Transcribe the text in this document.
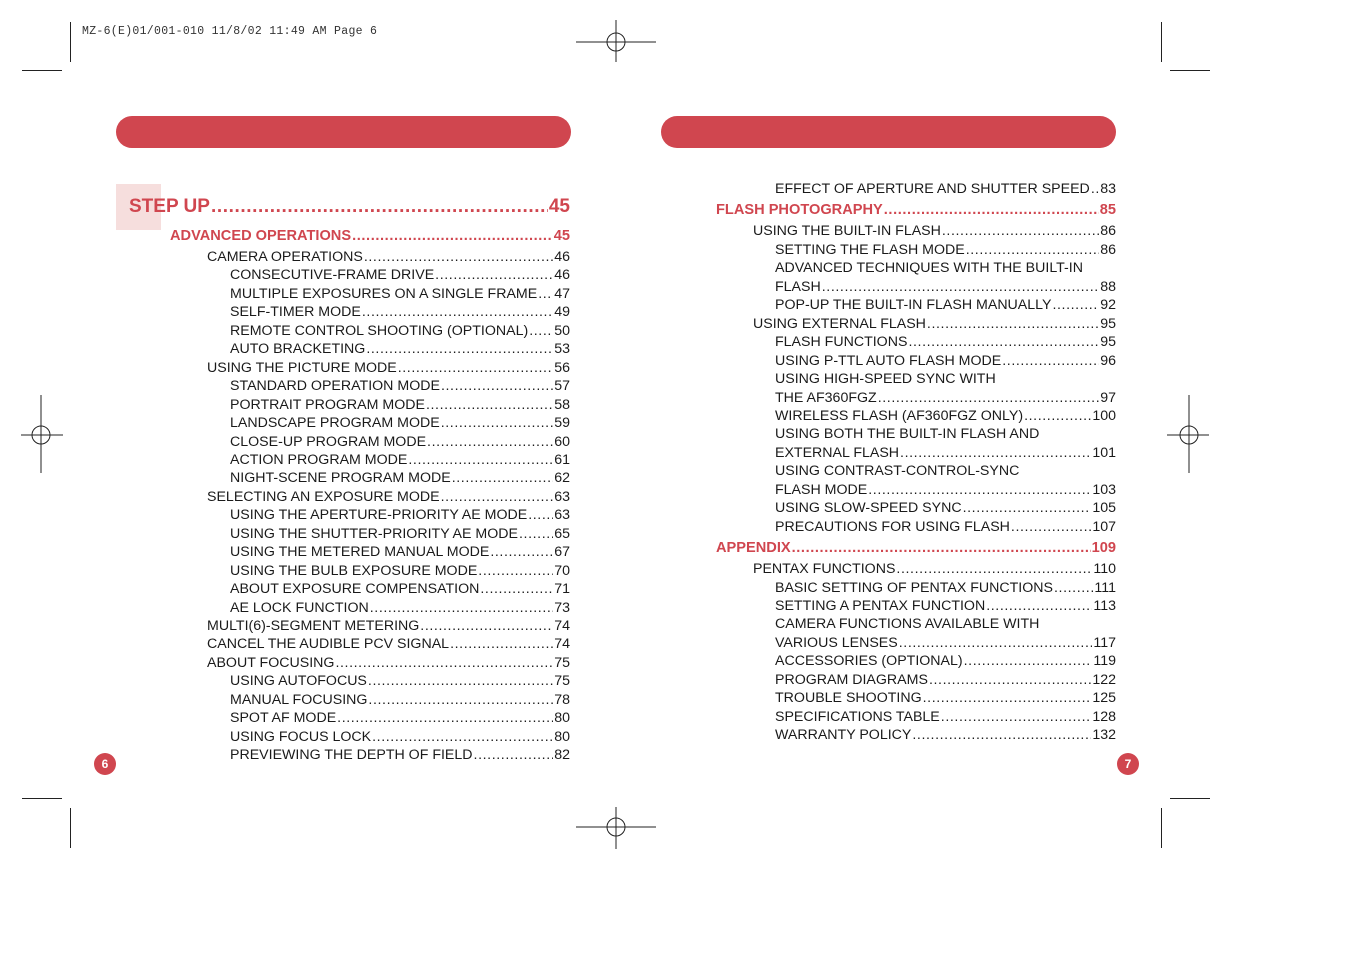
MZ-6(E)01/001-010 11/8/02 11:49 AM Page 6
STEP UP .....	45
ADVANCED OPERATIONS .....	45
CAMERA OPERATIONS .....	46
CONSECUTIVE-FRAME DRIVE .....	46
MULTIPLE EXPOSURES ON A SINGLE FRAME ..... 47
SELF-TIMER MODE .....	49
REMOTE CONTROL SHOOTING (OPTIONAL) ..... 50
AUTO BRACKETING .....	53
USING THE PICTURE MODE .....	56
STANDARD OPERATION MODE .....	57
PORTRAIT PROGRAM MODE .....	58
LANDSCAPE PROGRAM MODE .....	59
CLOSE-UP PROGRAM MODE .....	60
ACTION PROGRAM MODE .....	61
NIGHT-SCENE PROGRAM MODE .....	62
SELECTING AN EXPOSURE MODE .....	63
USING THE APERTURE-PRIORITY AE MODE ..... 63
USING THE SHUTTER-PRIORITY AE MODE .....	65
USING THE METERED MANUAL MODE .....	67
USING THE BULB EXPOSURE MODE .....	70
ABOUT EXPOSURE COMPENSATION .....	71
AE LOCK FUNCTION .....	73
MULTI(6)-SEGMENT METERING .....	74
CANCEL THE AUDIBLE PCV SIGNAL .....	74
ABOUT FOCUSING .....	75
USING AUTOFOCUS .....	75
MANUAL FOCUSING .....	78
SPOT AF MODE .....	80
USING FOCUS LOCK .....	80
PREVIEWING THE DEPTH OF FIELD .....	82
EFFECT OF APERTURE AND SHUTTER SPEED ..... 83
FLASH PHOTOGRAPHY .....	85
USING THE BUILT-IN FLASH .....	86
SETTING THE FLASH MODE .....	86
ADVANCED TECHNIQUES WITH THE BUILT-IN
FLASH .....	88
POP-UP THE BUILT-IN FLASH MANUALLY .....	92
USING EXTERNAL FLASH .....	95
FLASH FUNCTIONS .....	95
USING P-TTL AUTO FLASH MODE .....	96
USING HIGH-SPEED SYNC WITH
THE AF360FGZ .....	97
WIRELESS FLASH (AF360FGZ ONLY) .....	100
USING BOTH THE BUILT-IN FLASH AND
EXTERNAL FLASH .....	101
USING CONTRAST-CONTROL-SYNC
FLASH MODE .....	103
USING SLOW-SPEED SYNC .....	105
PRECAUTIONS FOR USING FLASH .....	107
APPENDIX .....	109
PENTAX FUNCTIONS .....	110
BASIC SETTING OF PENTAX FUNCTIONS .....	111
SETTING A PENTAX FUNCTION .....	113
CAMERA FUNCTIONS AVAILABLE WITH
VARIOUS LENSES .....	117
ACCESSORIES (OPTIONAL) .....	119
PROGRAM DIAGRAMS .....	122
TROUBLE SHOOTING .....	125
SPECIFICATIONS TABLE .....	128
WARRANTY POLICY .....	132
6	7
